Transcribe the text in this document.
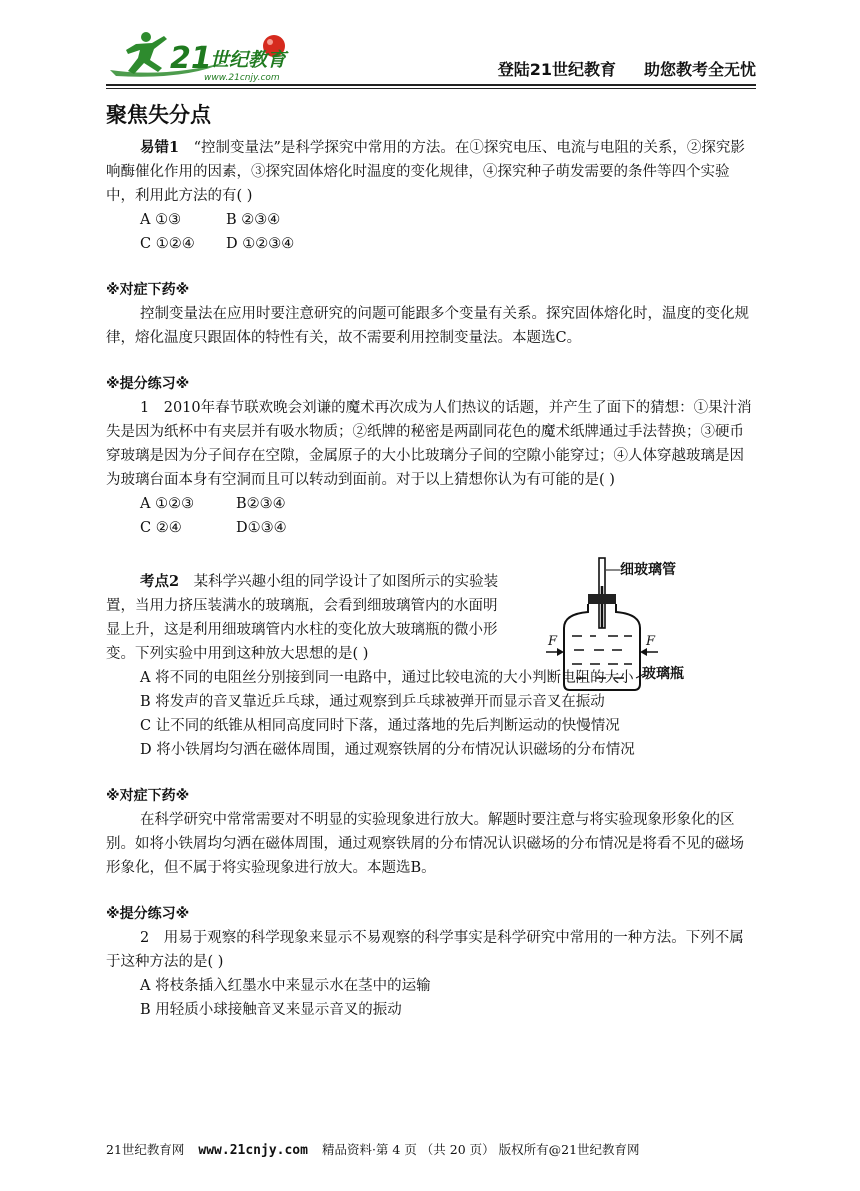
21
世纪教育
www.21cnjy.com	登陆21世纪教育 助您教考全无忧
聚焦失分点

易错1　 “控制变量法”是科学探究中常用的方法。在①探究电压、电流与电阻的关系，②探究影响酶催化作用的因素，③探究固体熔化时温度的变化规律，④探究种子萌发需要的条件等四个实验中，利用此方法的有( )

A ①③	B ②③④
C ①②④ D ①②③④

※对症下药※

控制变量法在应用时要注意研究的问题可能跟多个变量有关系。探究固体熔化时，温度的变化规律，熔化温度只跟固体的特性有关，故不需要利用控制变量法。本题选C。

※提分练习※

1　2010年春节联欢晚会刘谦的魔术再次成为人们热议的话题，并产生了面下的猜想：①果汁消失是因为纸杯中有夹层并有吸水物质；②纸牌的秘密是两副同花色的魔术纸牌通过手法替换；③硬币穿玻璃是因为分子间存在空隙，金属原子的大小比玻璃分子间的空隙小能穿过；④人体穿越玻璃是因为玻璃台面本身有空洞而且可以转动到面前。对于以上猜想你认为有可能的是( )

A ①②③	B②③④
C ②④	D①③④

考点2　 某科学兴趣小组的同学设计了如图所示的实验装置，当用力挤压装满水的玻璃瓶，会看到细玻璃管内的水面明显上升，这是利用细玻璃管内水柱的变化放大玻璃瓶的微小形变。下列实验中用到这种放大思想的是( )

细玻璃管
玻璃瓶
F	F
A 将不同的电阻丝分别接到同一电路中，通过比较电流的大小判断电阻的大小
B 将发声的音叉靠近乒乓球，通过观察到乒乓球被弹开而显示音叉在振动
C 让不同的纸锥从相同高度同时下落，通过落地的先后判断运动的快慢情况
D 将小铁屑均匀洒在磁体周围，通过观察铁屑的分布情况认识磁场的分布情况

※对症下药※

在科学研究中常常需要对不明显的实验现象进行放大。解题时要注意与将实验现象形象化的区别。如将小铁屑均匀洒在磁体周围，通过观察铁屑的分布情况认识磁场的分布情况是将看不见的磁场形象化，但不属于将实验现象进行放大。本题选B。

※提分练习※

2　用易于观察的科学现象来显示不易观察的科学事实是科学研究中常用的一种方法。下列不属于这种方法的是( )

A 将枝条插入红墨水中来显示水在茎中的运输
B 用轻质小球接触音叉来显示音叉的振动
21世纪教育网 www.21cnjy.com 精品资料·第 4 页 （共 20 页） 版权所有@21世纪教育网
